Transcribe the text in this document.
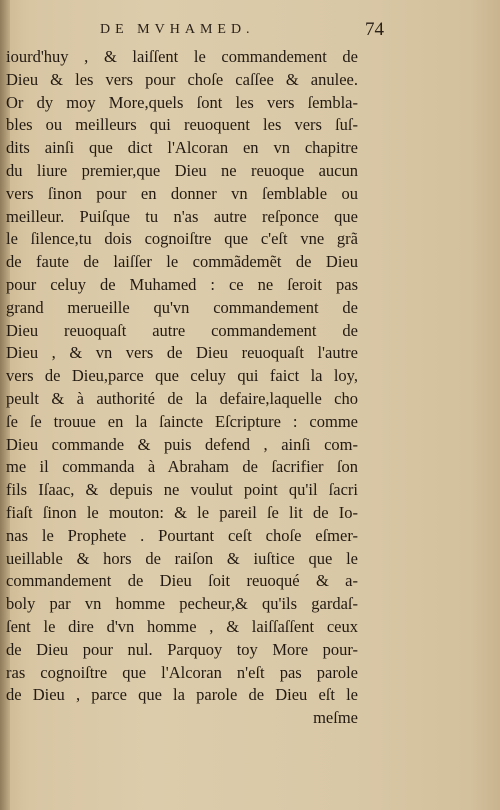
DE MVHAMED.	74
iourd'huy , & laiſſent le commandement de
Dieu & les vers pour choſe caſſee & anulee.
Or dy moy More,quels ſont les vers ſembla-
bles ou meilleurs qui reuoquent les vers ſuſ-
dits ainſi que dict l'Alcoran en vn chapitre
du liure premier,que Dieu ne reuoque aucun
vers ſinon pour en donner vn ſemblable ou
meilleur. Puiſque tu n'as autre reſponce que
le ſilence,tu dois cognoiſtre que c'eſt vne grã
de faute de laiſſer le commãdemẽt de Dieu
pour celuy de Muhamed : ce ne ſeroit pas
grand merueille qu'vn commandement de
Dieu reuoquaſt autre commandement de
Dieu , & vn vers de Dieu reuoquaſt l'autre
vers de Dieu,parce que celuy qui faict la loy,
peult & à authorité de la defaire,laquelle cho
ſe ſe trouue en la ſaincte Eſcripture : comme
Dieu commande & puis defend , ainſi com-
me il commanda à Abraham de ſacrifier ſon
fils Iſaac, & depuis ne voulut point qu'il ſacri
fiaſt ſinon le mouton: & le pareil ſe lit de Io-
nas le Prophete . Pourtant ceſt choſe eſmer-
ueillable & hors de raiſon & iuſtice que le
commandement de Dieu ſoit reuoqué & a-
boly par vn homme pecheur,& qu'ils gardaſ-
ſent le dire d'vn homme , & laiſſaſſent ceux
de Dieu pour nul. Parquoy toy More pour-
ras cognoiſtre que l'Alcoran n'eſt pas parole
de Dieu , parce que la parole de Dieu eſt le
meſme
